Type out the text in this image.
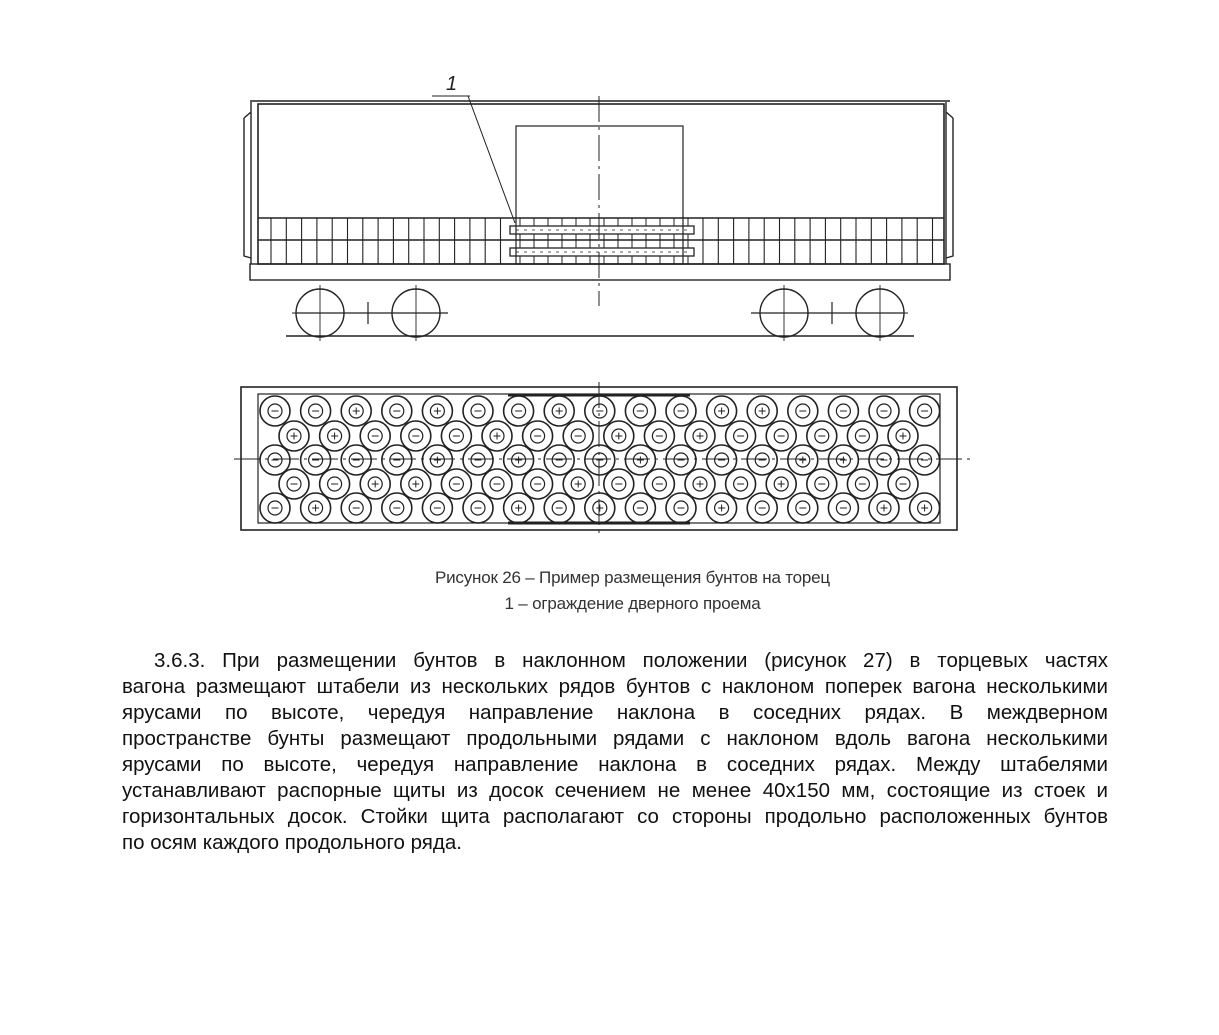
1

Рисунок 26 – Пример размещения бунтов на торец

1 – ограждение дверного проема

3.6.3. При размещении бунтов в наклонном положении (рисунок 27) в торцевых частях
вагона размещают штабели из нескольких рядов бунтов с наклоном поперек вагона несколькими
ярусами по высоте, чередуя направление наклона в соседних рядах. В междверном
пространстве бунты размещают продольными рядами с наклоном вдоль вагона несколькими
ярусами по высоте, чередуя направление наклона в соседних рядах. Между штабелями
устанавливают распорные щиты из досок сечением не менее 40х150 мм, состоящие из стоек и
горизонтальных досок. Стойки щита располагают со стороны продольно расположенных бунтов
по осям каждого продольного ряда.
